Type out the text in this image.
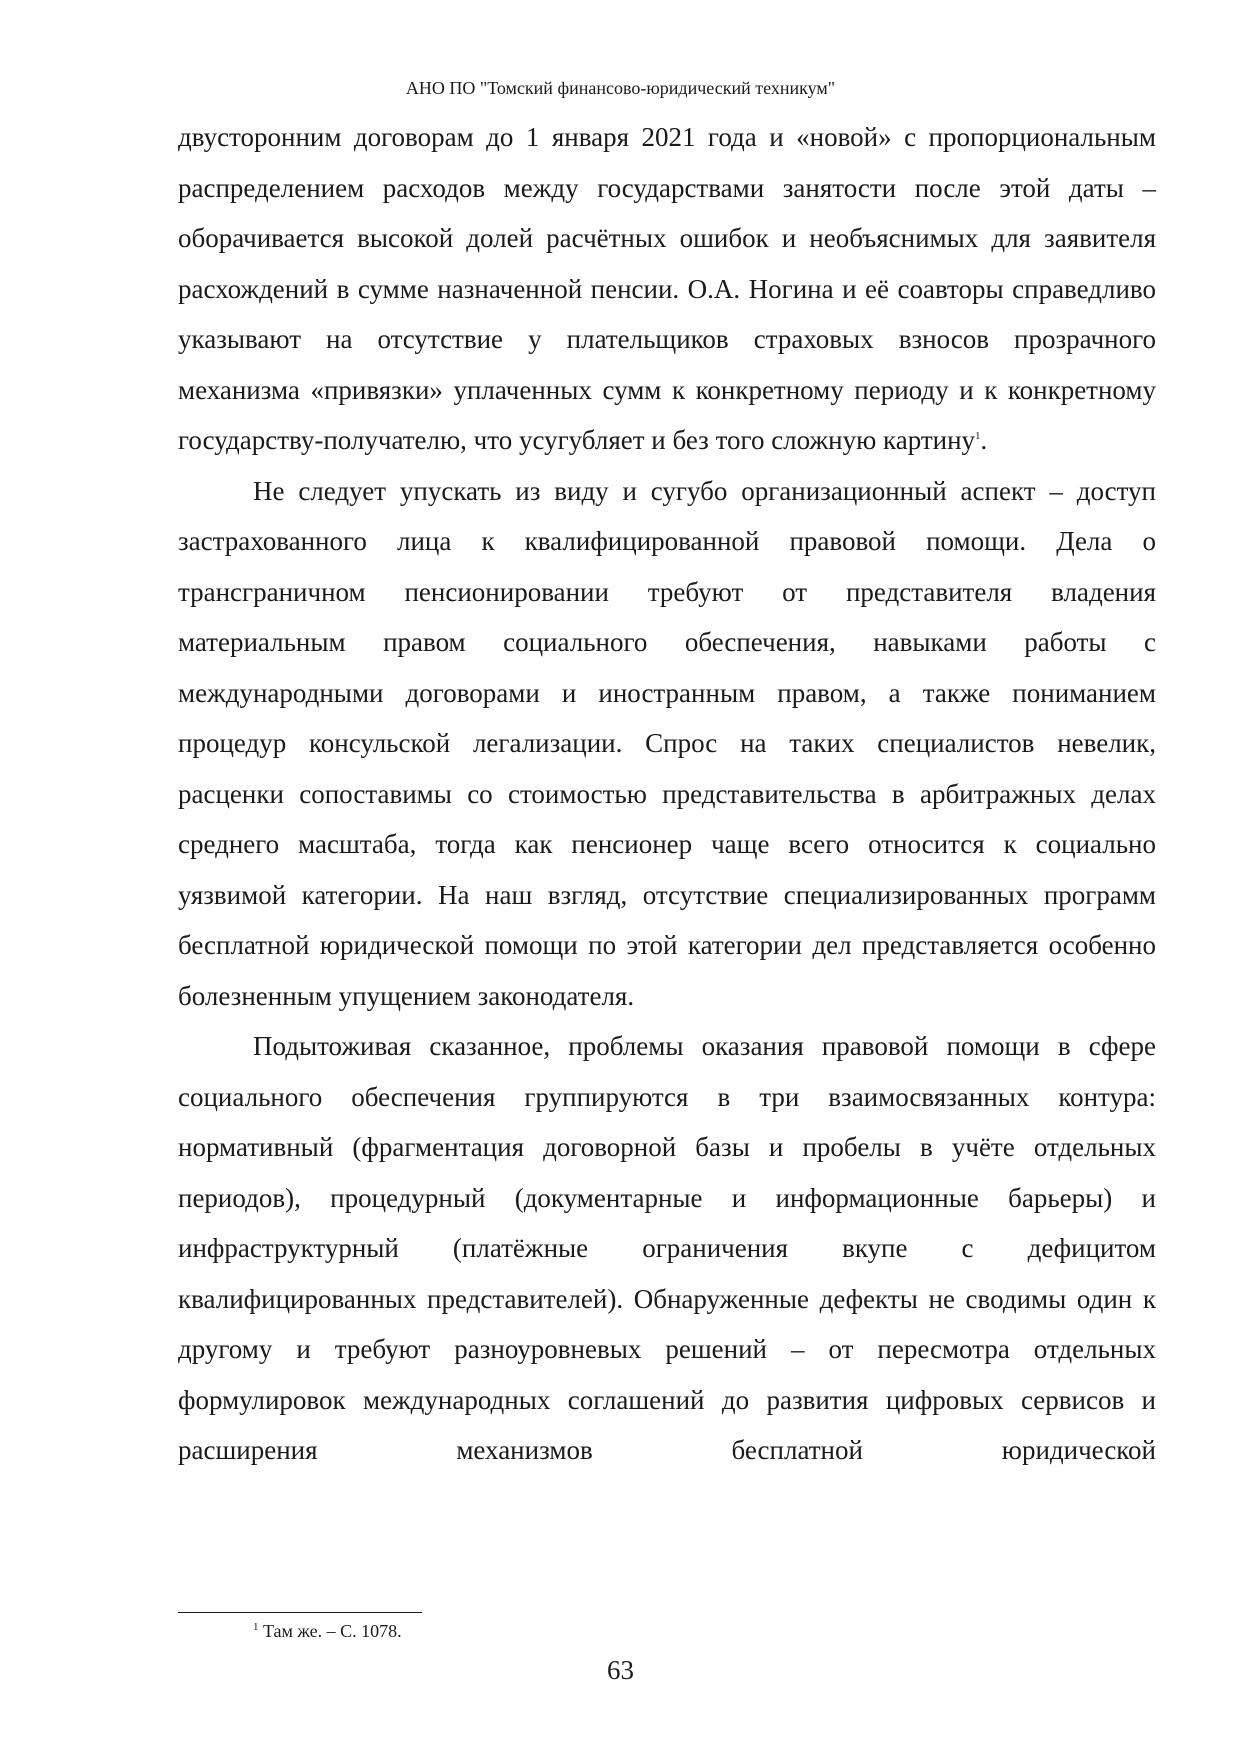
АНО ПО "Томский финансово-юридический техникум"

двусторонним договорам до 1 января 2021 года и «новой» с пропорциональным распределением расходов между государствами занятости после этой даты – оборачивается высокой долей расчётных ошибок и необъяснимых для заявителя расхождений в сумме назначенной пенсии. О.А. Ногина и её соавторы справедливо указывают на отсутствие у плательщиков страховых взносов прозрачного механизма «привязки» уплаченных сумм к конкретному периоду и к конкретному государству-получателю, что усугубляет и без того сложную картину$^1$.

Не следует упускать из виду и сугубо организационный аспект – доступ застрахованного лица к квалифицированной правовой помощи. Дела о трансграничном пенсионировании требуют от представителя владения материальным правом социального обеспечения, навыками работы с международными договорами и иностранным правом, а также пониманием процедур консульской легализации. Спрос на таких специалистов невелик, расценки сопоставимы со стоимостью представительства в арбитражных делах среднего масштаба, тогда как пенсионер чаще всего относится к социально уязвимой категории. На наш взгляд, отсутствие специализированных программ бесплатной юридической помощи по этой категории дел представляется особенно болезненным упущением законодателя.

Подытоживая сказанное, проблемы оказания правовой помощи в сфере социального обеспечения группируются в три взаимосвязанных контура: нормативный (фрагментация договорной базы и пробелы в учёте отдельных периодов), процедурный (документарные и информационные барьеры) и инфраструктурный (платёжные ограничения вкупе с дефицитом квалифицированных представителей). Обнаруженные дефекты не сводимы один к другому и требуют разноуровневых решений – от пересмотра отдельных формулировок международных соглашений до развития цифровых сервисов и расширения механизмов бесплатной юридической

$^1$ Там же. – С. 1078.
63
